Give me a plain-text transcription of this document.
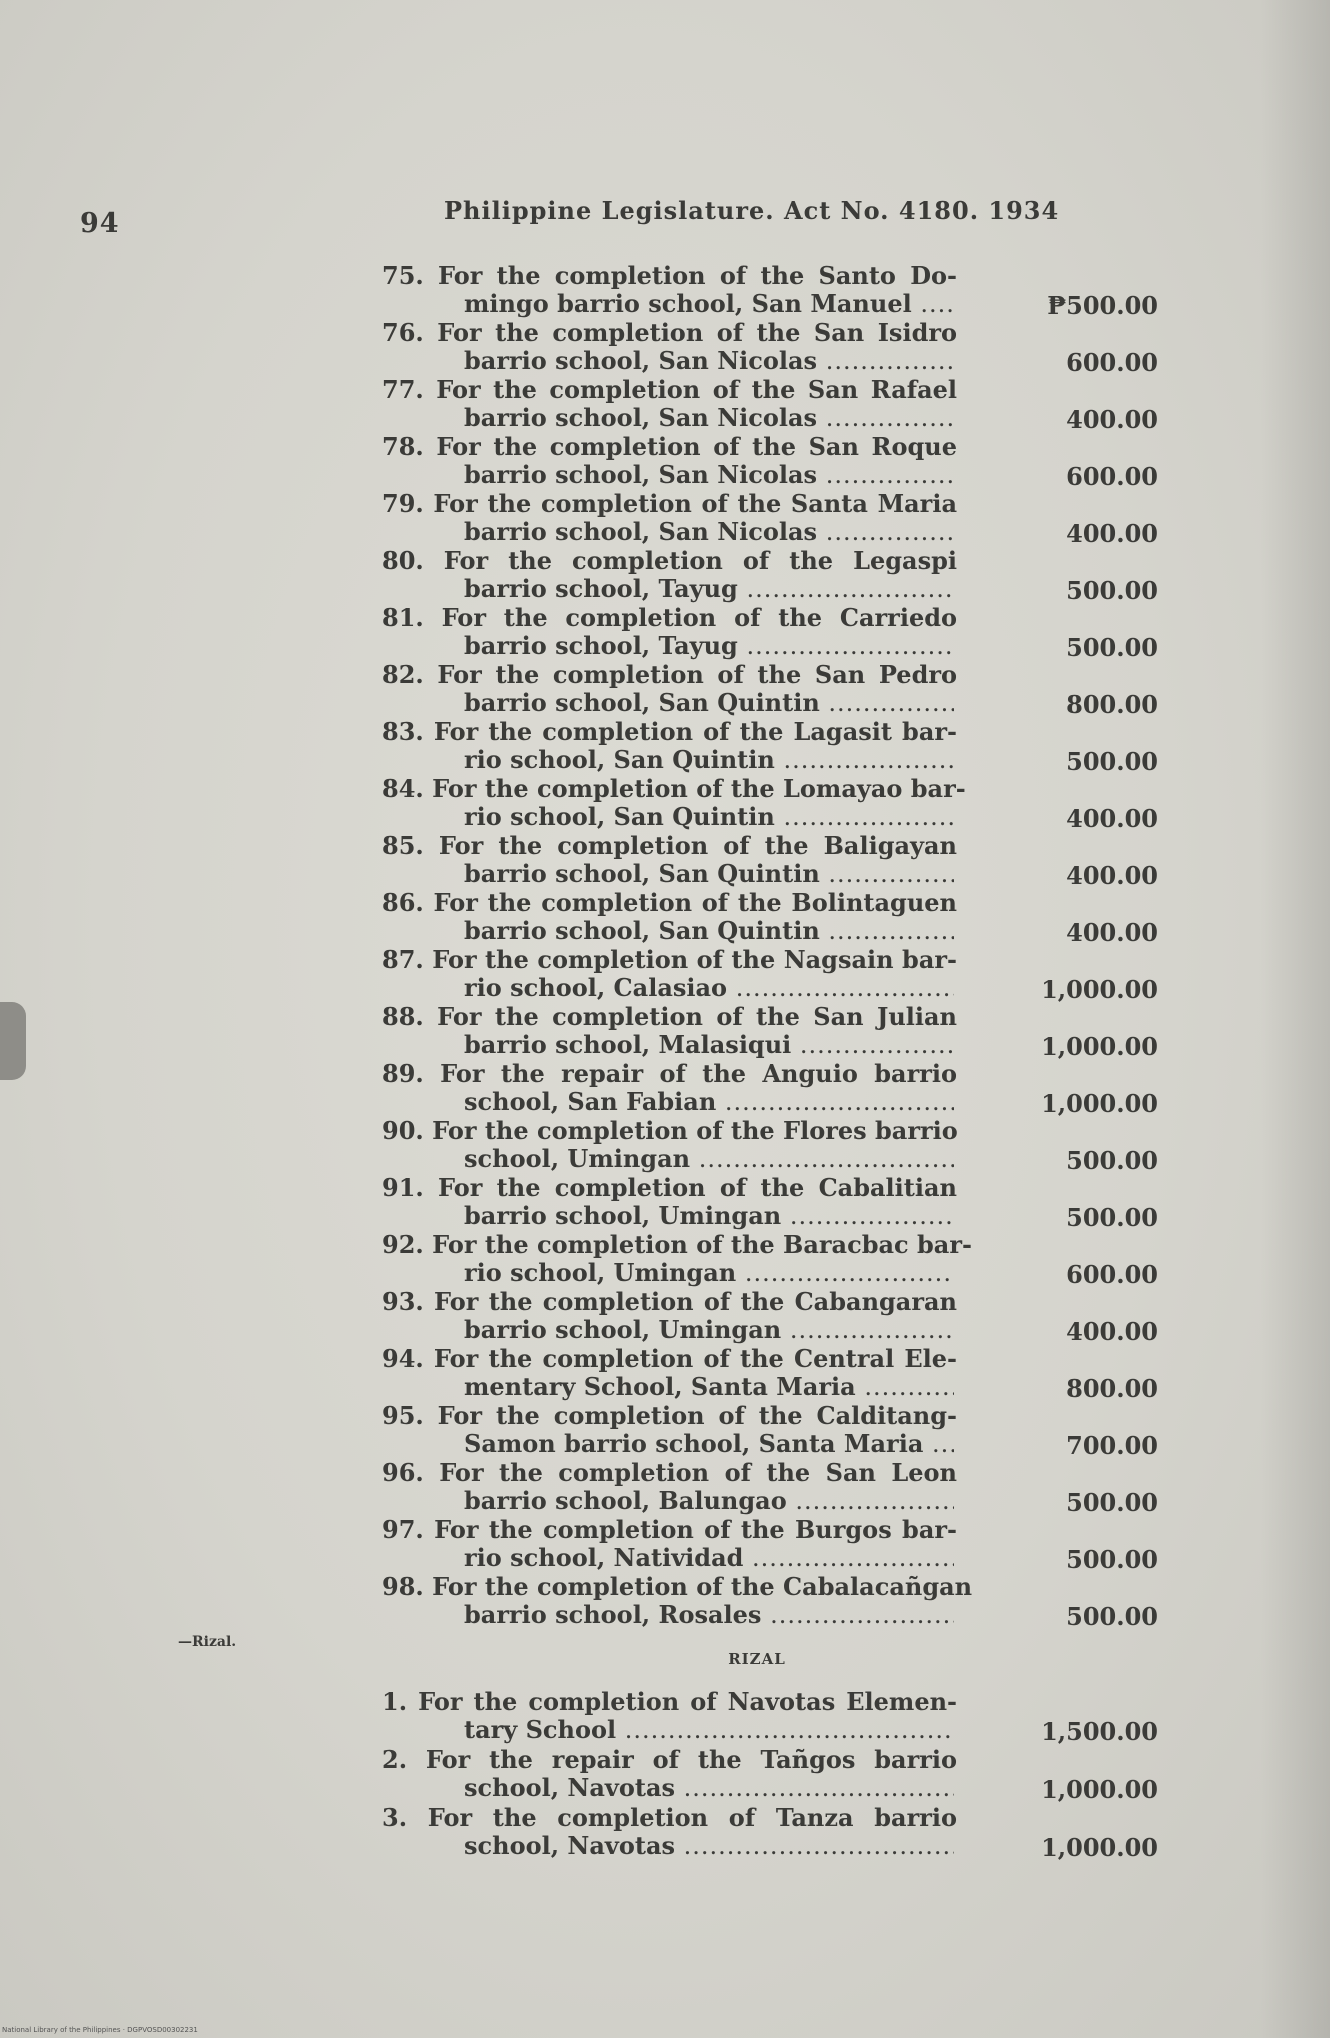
94	Philippine Legislature. Act No. 4180. 1934
75. For the completion of the Santo Do-
mingo barrio school, San Manuel .....	₱500.00
76. For the completion of the San Isidro
barrio school, San Nicolas .....	600.00
77. For the completion of the San Rafael
barrio school, San Nicolas .....	400.00
78. For the completion of the San Roque
barrio school, San Nicolas .....	600.00
79. For the completion of the Santa Maria
barrio school, San Nicolas .....	400.00
80. For the completion of the Legaspi
barrio school, Tayug .....	500.00
81. For the completion of the Carriedo
barrio school, Tayug .....	500.00
82. For the completion of the San Pedro
barrio school, San Quintin .....	800.00
83. For the completion of the Lagasit bar-
rio school, San Quintin .....	500.00
84. For the completion of the Lomayao bar-
rio school, San Quintin .....	400.00
85. For the completion of the Baligayan
barrio school, San Quintin .....	400.00
86. For the completion of the Bolintaguen
barrio school, San Quintin .....	400.00
87. For the completion of the Nagsain bar-
rio school, Calasiao .....	1,000.00
88. For the completion of the San Julian
barrio school, Malasiqui .....	1,000.00
89. For the repair of the Anguio barrio
school, San Fabian .....	1,000.00
90. For the completion of the Flores barrio
school, Umingan .....	500.00
91. For the completion of the Cabalitian
barrio school, Umingan .....	500.00
92. For the completion of the Baracbac bar-
rio school, Umingan .....	600.00
93. For the completion of the Cabangaran
barrio school, Umingan .....	400.00
94. For the completion of the Central Ele-
mentary School, Santa Maria .....	800.00
95. For the completion of the Calditang-
Samon barrio school, Santa Maria .....	700.00
96. For the completion of the San Leon
barrio school, Balungao .....	500.00
97. For the completion of the Burgos bar-
rio school, Natividad .....	500.00
98. For the completion of the Cabalacañgan
barrio school, Rosales .....	500.00
—Rizal.
RIZAL
1. For the completion of Navotas Elemen-
tary School .....	1,500.00
2. For the repair of the Tañgos barrio
school, Navotas .....	1,000.00
3. For the completion of Tanza barrio
school, Navotas .....	1,000.00
National Library of the Philippines · DGPVOSD00302231
